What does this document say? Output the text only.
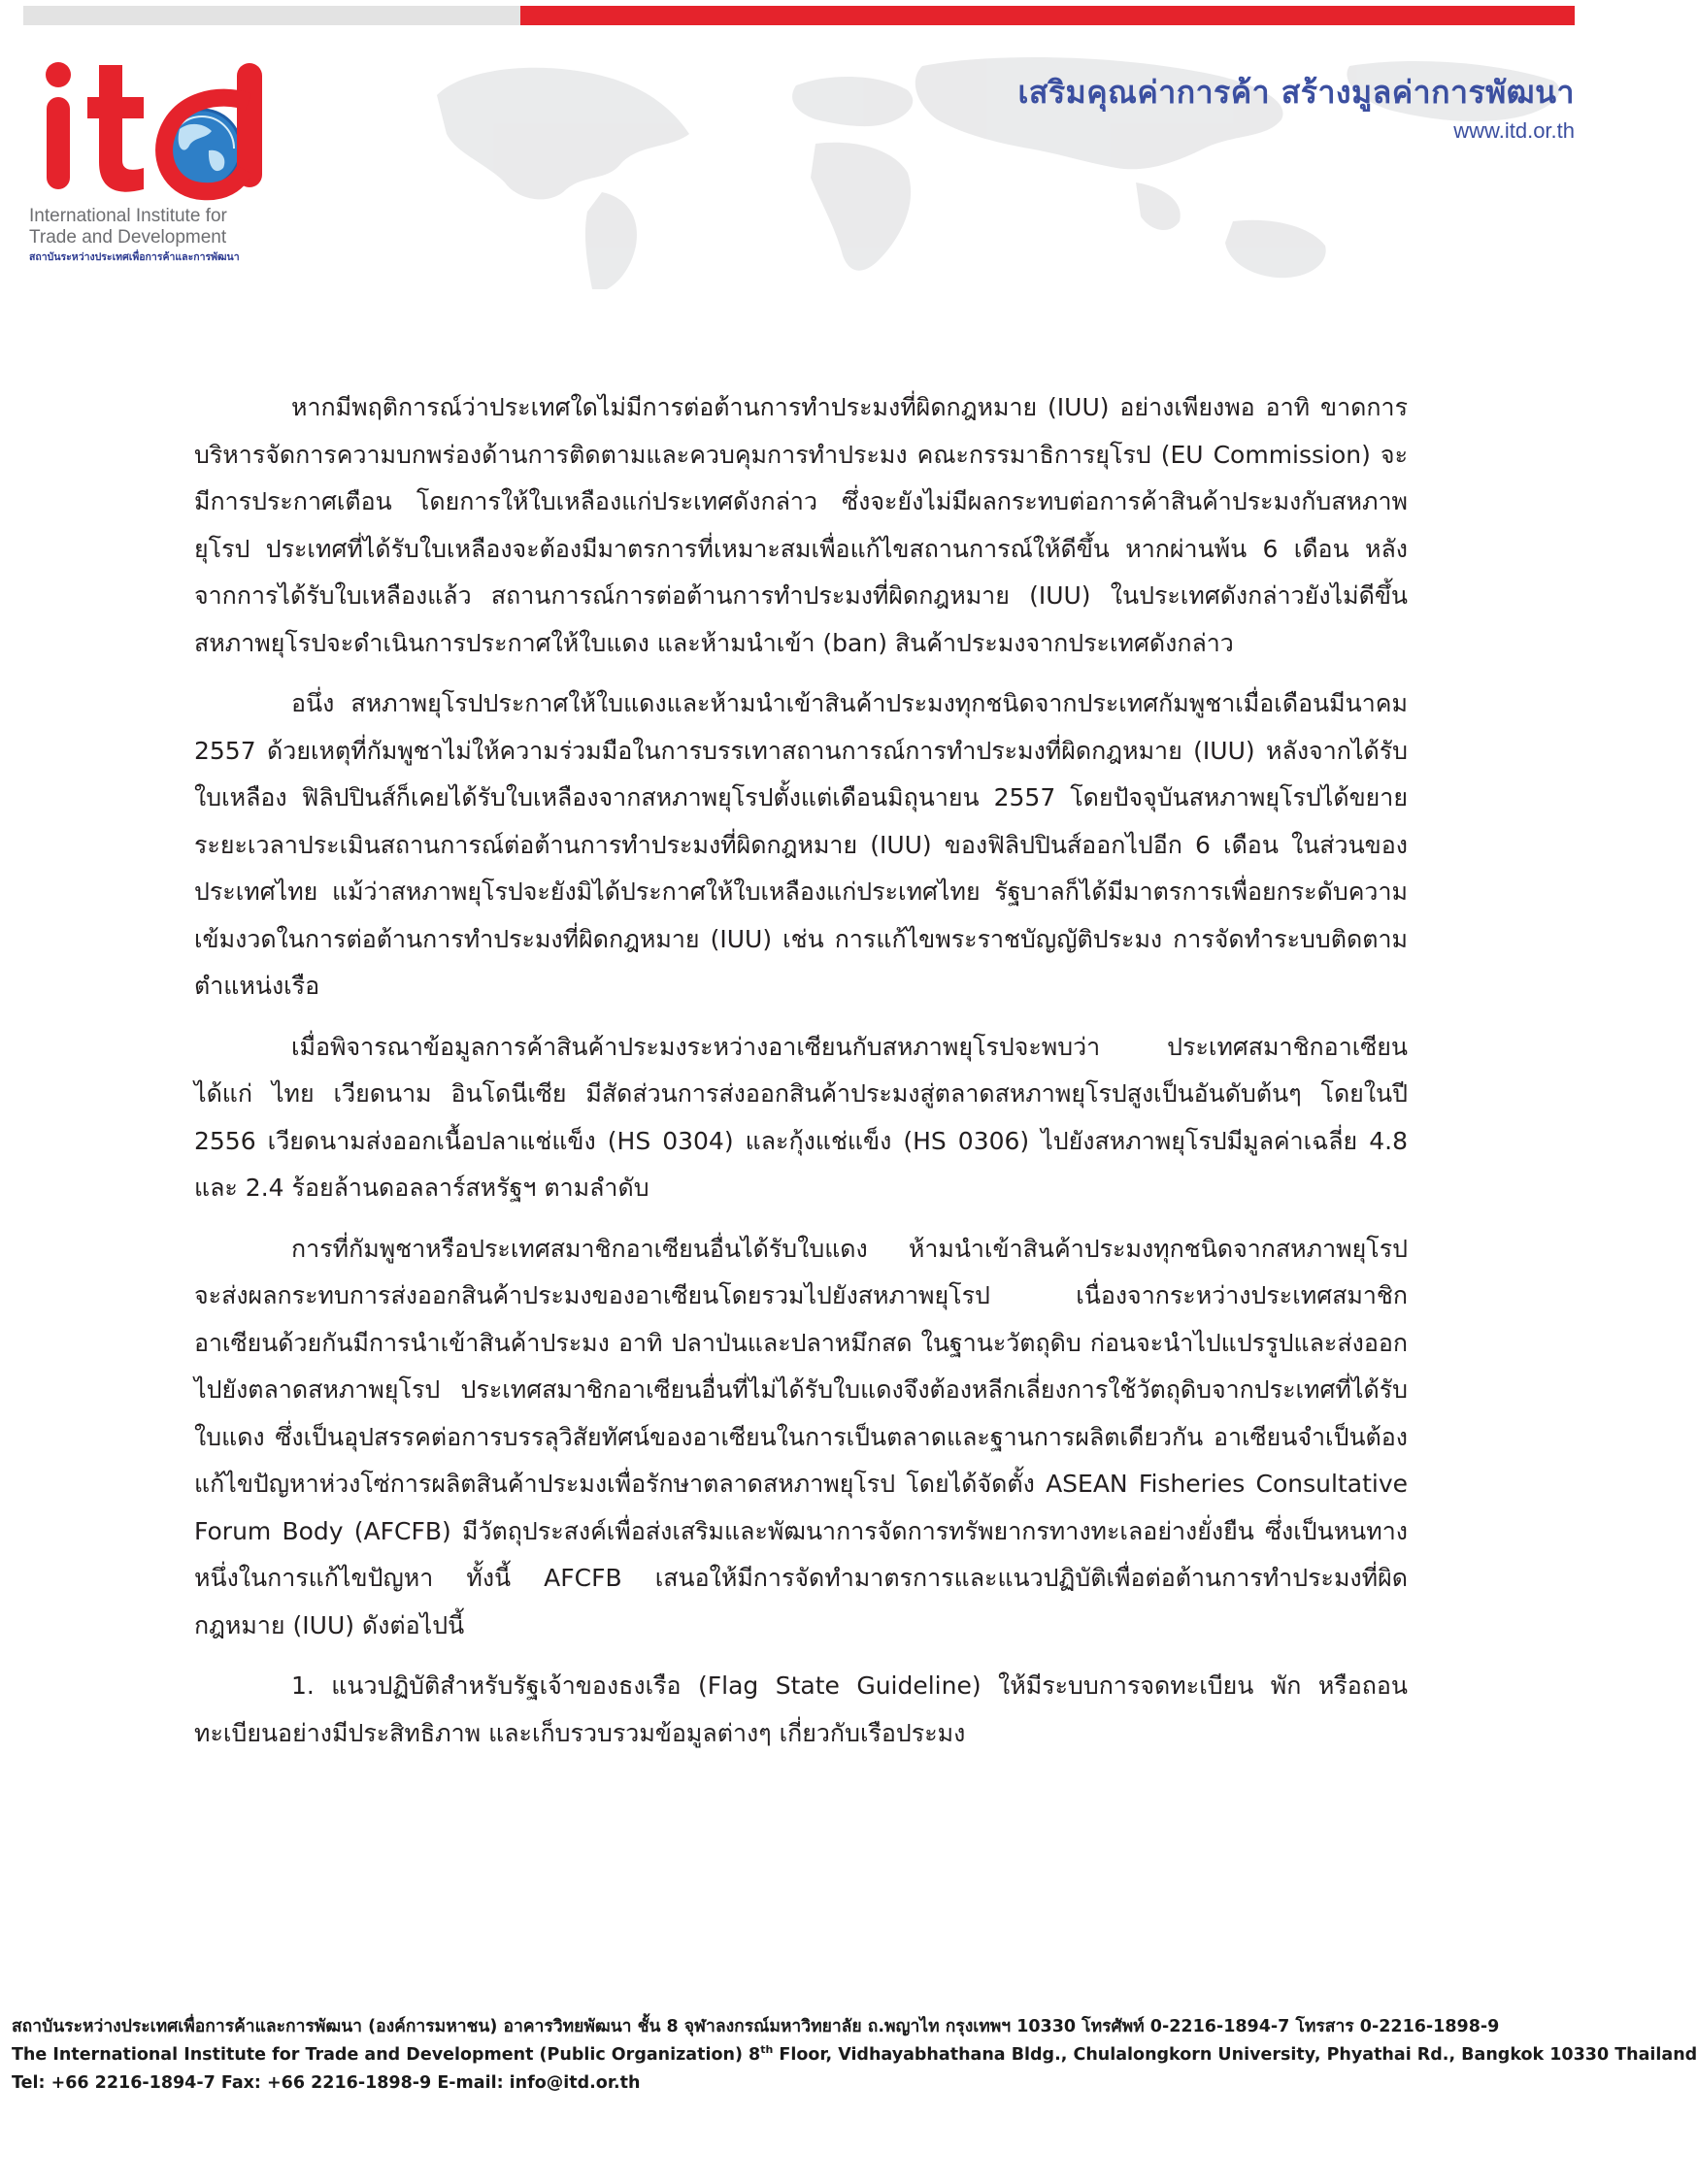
International Institute for

Trade and Development

สถาบันระหว่างประเทศเพื่อการค้าและการพัฒนา
เสริมคุณค่าการค้า สร้างมูลค่าการพัฒนา
www.itd.or.th

หากมีพฤติการณ์ว่าประเทศใดไม่มีการต่อต้านการทำประมงที่ผิดกฎหมาย (IUU) อย่างเพียงพอ อาทิ ขาดการบริหารจัดการความบกพร่องด้านการติดตามและควบคุมการทำประมง คณะกรรมาธิการยุโรป (EU Commission) จะมีการประกาศเตือน โดยการให้ใบเหลืองแก่ประเทศดังกล่าว ซึ่งจะยังไม่มีผลกระทบต่อการค้าสินค้าประมงกับสหภาพยุโรป ประเทศที่ได้รับใบเหลืองจะต้องมีมาตรการที่เหมาะสมเพื่อแก้ไขสถานการณ์ให้ดีขึ้น หากผ่านพ้น 6 เดือน หลังจากการได้รับใบเหลืองแล้ว สถานการณ์การต่อต้านการทำประมงที่ผิดกฎหมาย (IUU) ในประเทศดังกล่าวยังไม่ดีขึ้น สหภาพยุโรปจะดำเนินการประกาศให้ใบแดง และห้ามนำเข้า (ban) สินค้าประมงจากประเทศดังกล่าว

อนึ่ง สหภาพยุโรปประกาศให้ใบแดงและห้ามนำเข้าสินค้าประมงทุกชนิดจากประเทศกัมพูชาเมื่อเดือนมีนาคม 2557 ด้วยเหตุที่กัมพูชาไม่ให้ความร่วมมือในการบรรเทาสถานการณ์การทำประมงที่ผิดกฎหมาย (IUU) หลังจากได้รับใบเหลือง ฟิลิปปินส์ก็เคยได้รับใบเหลืองจากสหภาพยุโรปตั้งแต่เดือนมิถุนายน 2557 โดยปัจจุบันสหภาพยุโรปได้ขยายระยะเวลาประเมินสถานการณ์ต่อต้านการทำประมงที่ผิดกฎหมาย (IUU) ของฟิลิปปินส์ออกไปอีก 6 เดือน ในส่วนของประเทศไทย แม้ว่าสหภาพยุโรปจะยังมิได้ประกาศให้ใบเหลืองแก่ประเทศไทย รัฐบาลก็ได้มีมาตรการเพื่อยกระดับความเข้มงวดในการต่อต้านการทำประมงที่ผิดกฎหมาย (IUU) เช่น การแก้ไขพระราชบัญญัติประมง การจัดทำระบบติดตามตำแหน่งเรือ

เมื่อพิจารณาข้อมูลการค้าสินค้าประมงระหว่างอาเซียนกับสหภาพยุโรปจะพบว่า ประเทศสมาชิกอาเซียน ได้แก่ ไทย เวียดนาม อินโดนีเซีย มีสัดส่วนการส่งออกสินค้าประมงสู่ตลาดสหภาพยุโรปสูงเป็นอันดับต้นๆ โดยในปี 2556 เวียดนามส่งออกเนื้อปลาแช่แข็ง (HS 0304) และกุ้งแช่แข็ง (HS 0306) ไปยังสหภาพยุโรปมีมูลค่าเฉลี่ย 4.8 และ 2.4 ร้อยล้านดอลลาร์สหรัฐฯ ตามลำดับ

การที่กัมพูชาหรือประเทศสมาชิกอาเซียนอื่นได้รับใบแดง ห้ามนำเข้าสินค้าประมงทุกชนิดจากสหภาพยุโรป จะส่งผลกระทบการส่งออกสินค้าประมงของอาเซียนโดยรวมไปยังสหภาพยุโรป เนื่องจากระหว่างประเทศสมาชิกอาเซียนด้วยกันมีการนำเข้าสินค้าประมง อาทิ ปลาป่นและปลาหมึกสด ในฐานะวัตถุดิบ ก่อนจะนำไปแปรรูปและส่งออกไปยังตลาดสหภาพยุโรป ประเทศสมาชิกอาเซียนอื่นที่ไม่ได้รับใบแดงจึงต้องหลีกเลี่ยงการใช้วัตถุดิบจากประเทศที่ได้รับใบแดง ซึ่งเป็นอุปสรรคต่อการบรรลุวิสัยทัศน์ของอาเซียนในการเป็นตลาดและฐานการผลิตเดียวกัน อาเซียนจำเป็นต้องแก้ไขปัญหาห่วงโซ่การผลิตสินค้าประมงเพื่อรักษาตลาดสหภาพยุโรป โดยได้จัดตั้ง ASEAN Fisheries Consultative Forum Body (AFCFB) มีวัตถุประสงค์เพื่อส่งเสริมและพัฒนาการจัดการทรัพยากรทางทะเลอย่างยั่งยืน ซึ่งเป็นหนทางหนึ่งในการแก้ไขปัญหา ทั้งนี้ AFCFB เสนอให้มีการจัดทำมาตรการและแนวปฏิบัติเพื่อต่อต้านการทำประมงที่ผิดกฎหมาย (IUU) ดังต่อไปนี้

1. แนวปฏิบัติสำหรับรัฐเจ้าของธงเรือ (Flag State Guideline) ให้มีระบบการจดทะเบียน พัก หรือถอนทะเบียนอย่างมีประสิทธิภาพ และเก็บรวบรวมข้อมูลต่างๆ เกี่ยวกับเรือประมง

สถาบันระหว่างประเทศเพื่อการค้าและการพัฒนา (องค์การมหาชน) อาคารวิทยพัฒนา ชั้น 8 จุฬาลงกรณ์มหาวิทยาลัย ถ.พญาไท กรุงเทพฯ 10330 โทรศัพท์ 0-2216-1894-7 โทรสาร 0-2216-1898-9
The International Institute for Trade and Development (Public Organization) 8th Floor, Vidhayabhathana Bldg., Chulalongkorn University, Phyathai Rd., Bangkok 10330 Thailand
Tel: +66 2216-1894-7 Fax: +66 2216-1898-9 E-mail: info@itd.or.th
